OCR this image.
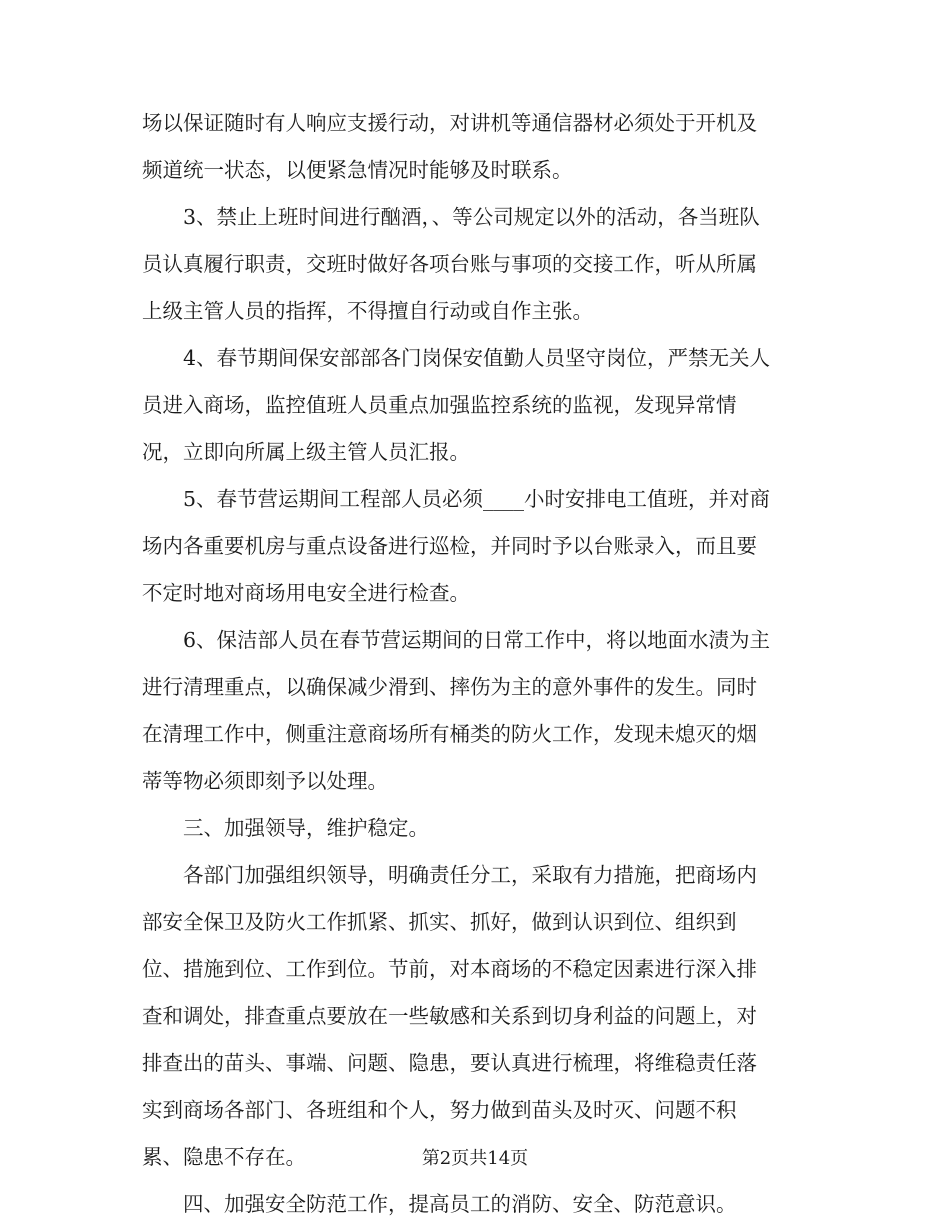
场以保证随时有人响应支援行动，对讲机等通信器材必须处于开机及
频道统一状态，以便紧急情况时能够及时联系。
　　3、禁止上班时间进行酗酒，、等公司规定以外的活动，各当班队
员认真履行职责，交班时做好各项台账与事项的交接工作，听从所属
上级主管人员的指挥，不得擅自行动或自作主张。
　　4、春节期间保安部部各门岗保安值勤人员坚守岗位，严禁无关人
员进入商场，监控值班人员重点加强监控系统的监视，发现异常情
况，立即向所属上级主管人员汇报。
　　5、春节营运期间工程部人员必须____小时安排电工值班，并对商
场内各重要机房与重点设备进行巡检，并同时予以台账录入，而且要
不定时地对商场用电安全进行检查。
　　6、保洁部人员在春节营运期间的日常工作中，将以地面水渍为主
进行清理重点，以确保减少滑到、摔伤为主的意外事件的发生。同时
在清理工作中，侧重注意商场所有桶类的防火工作，发现未熄灭的烟
蒂等物必须即刻予以处理。
　　三、加强领导，维护稳定。
　　各部门加强组织领导，明确责任分工，采取有力措施，把商场内
部安全保卫及防火工作抓紧、抓实、抓好，做到认识到位、组织到
位、措施到位、工作到位。节前，对本商场的不稳定因素进行深入排
查和调处，排查重点要放在一些敏感和关系到切身利益的问题上，对
排查出的苗头、事端、问题、隐患，要认真进行梳理，将维稳责任落
实到商场各部门、各班组和个人，努力做到苗头及时灭、问题不积
累、隐患不存在。
　　四、加强安全防范工作，提高员工的消防、安全、防范意识。
第2页共14页
